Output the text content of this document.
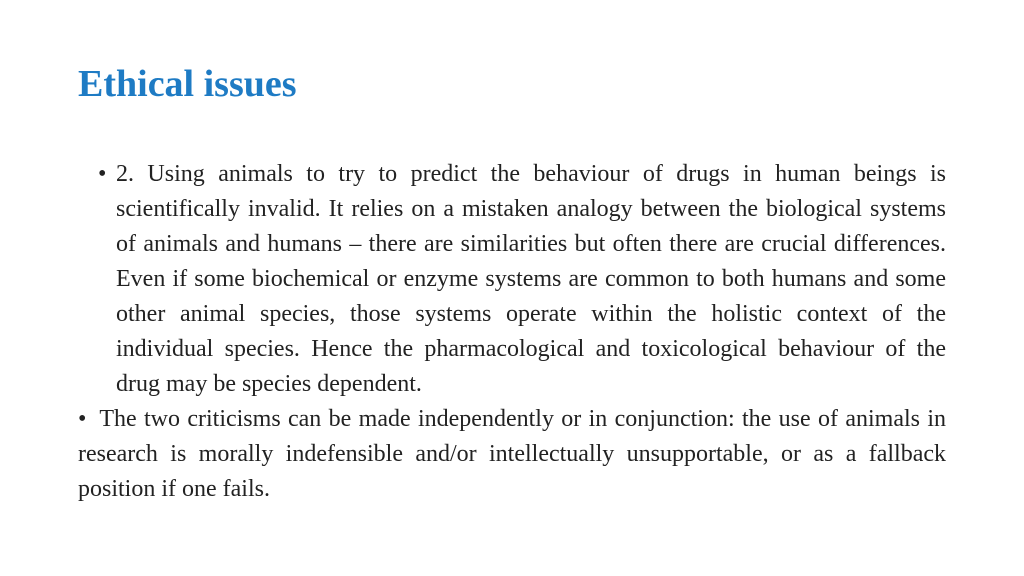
Ethical issues

• 2. Using animals to try to predict the behaviour of drugs in human beings is scientifically invalid. It relies on a mistaken analogy between the biological systems of animals and humans – there are similarities but often there are crucial differences. Even if some biochemical or enzyme systems are common to both humans and some other animal species, those systems operate within the holistic context of the individual species. Hence the pharmacological and toxicological behaviour of the drug may be species dependent.

• The two criticisms can be made independently or in conjunction: the use of animals in research is morally indefensible and/or intellectually unsupportable, or as a fallback position if one fails.
